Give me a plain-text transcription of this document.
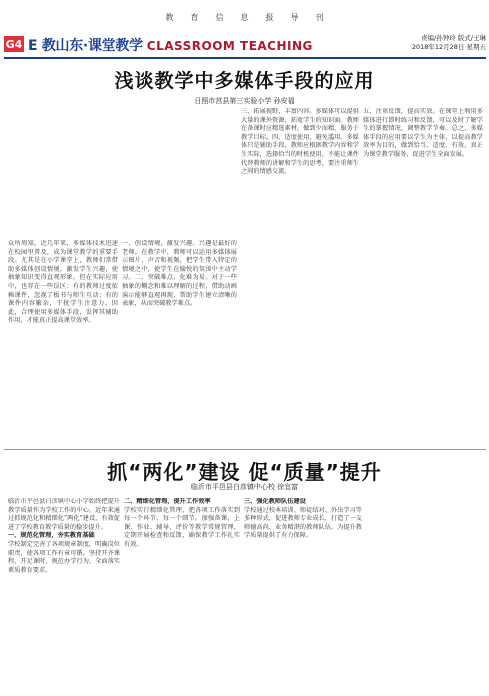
教 育 信 息 报 导 刊
G4 E 教山东·课堂教学 CLASSROOM TEACHING
责编/孙钟玲 版式/王琳
2018年12月28日 星期五
浅谈教学中多媒体手段的应用
日照市莒县第三实验小学 孙安福
众所周知，近几年来，多媒体技术迅速在校园里普及，成为课堂教学的重要手段。尤其是在小学课堂上，教师们常借助多媒体创设情境，激发学生兴趣，使抽象知识变得直观形象。但在实际应用中，也存在一些误区：有的教师过度依赖课件，忽视了板书与师生互动；有的课件内容繁杂，干扰学生注意力。因此，合理使用多媒体手段，发挥其辅助作用，才能真正提高课堂效率。
一、创设情境，激发兴趣。兴趣是最好的老师。在教学中，教师可以运用多媒体展示图片、声音和视频，把学生带入特定的情境之中，使学生在愉悦的氛围中主动学习。二、突破难点，化难为易。对于一些抽象的概念和难以理解的过程，借助动画演示能够直观再现，帮助学生建立清晰的表象，从而突破教学难点。
三、拓展视野，丰富内容。多媒体可以提供大量的课外资源，拓宽学生的知识面。教师在备课时应精选素材，做到少而精，服务于教学目标。四、适度使用，避免滥用。多媒体只是辅助手段，教师应根据教学内容和学生实际，选择恰当的时机使用，不能让课件代替教师的讲解和学生的思考，要注重师生之间的情感交流。
五、注重反馈，提高实效。在课堂上利用多媒体进行即时练习和反馈，可以及时了解学生的掌握情况，调整教学节奏。总之，多媒体手段的应用要以学生为主体，以提高教学效率为目的，做到恰当、适度、有效，真正为课堂教学服务，促进学生全面发展。
抓“两化”建设 促“质量”提升
临沂市平邑县白彦镇中心校 徐宜富
临沂市平邑县白彦镇中心小学始终把提升教学质量作为学校工作的中心，近年来通过抓规范化和精细化“两化”建设，有效促进了学校教育教学质量的稳步提升。
一、规范化管理，夯实教育基础
学校制定完善了各项规章制度，明确岗位职责，使各项工作有章可循。坚持开齐课程、开足课时，规范办学行为，全面落实素质教育要求。
二、精细化管理，提升工作效率
学校实行精细化管理，把各项工作落实到每一个环节、每一个细节。加强备课、上课、作业、辅导、评价等教学常规管理，定期开展检查和反馈，确保教学工作扎实有效。
三、强化教师队伍建设
学校通过校本培训、师徒结对、外出学习等多种形式，促进教师专业成长，打造了一支师德高尚、业务精湛的教师队伍，为提升教学质量提供了有力保障。
